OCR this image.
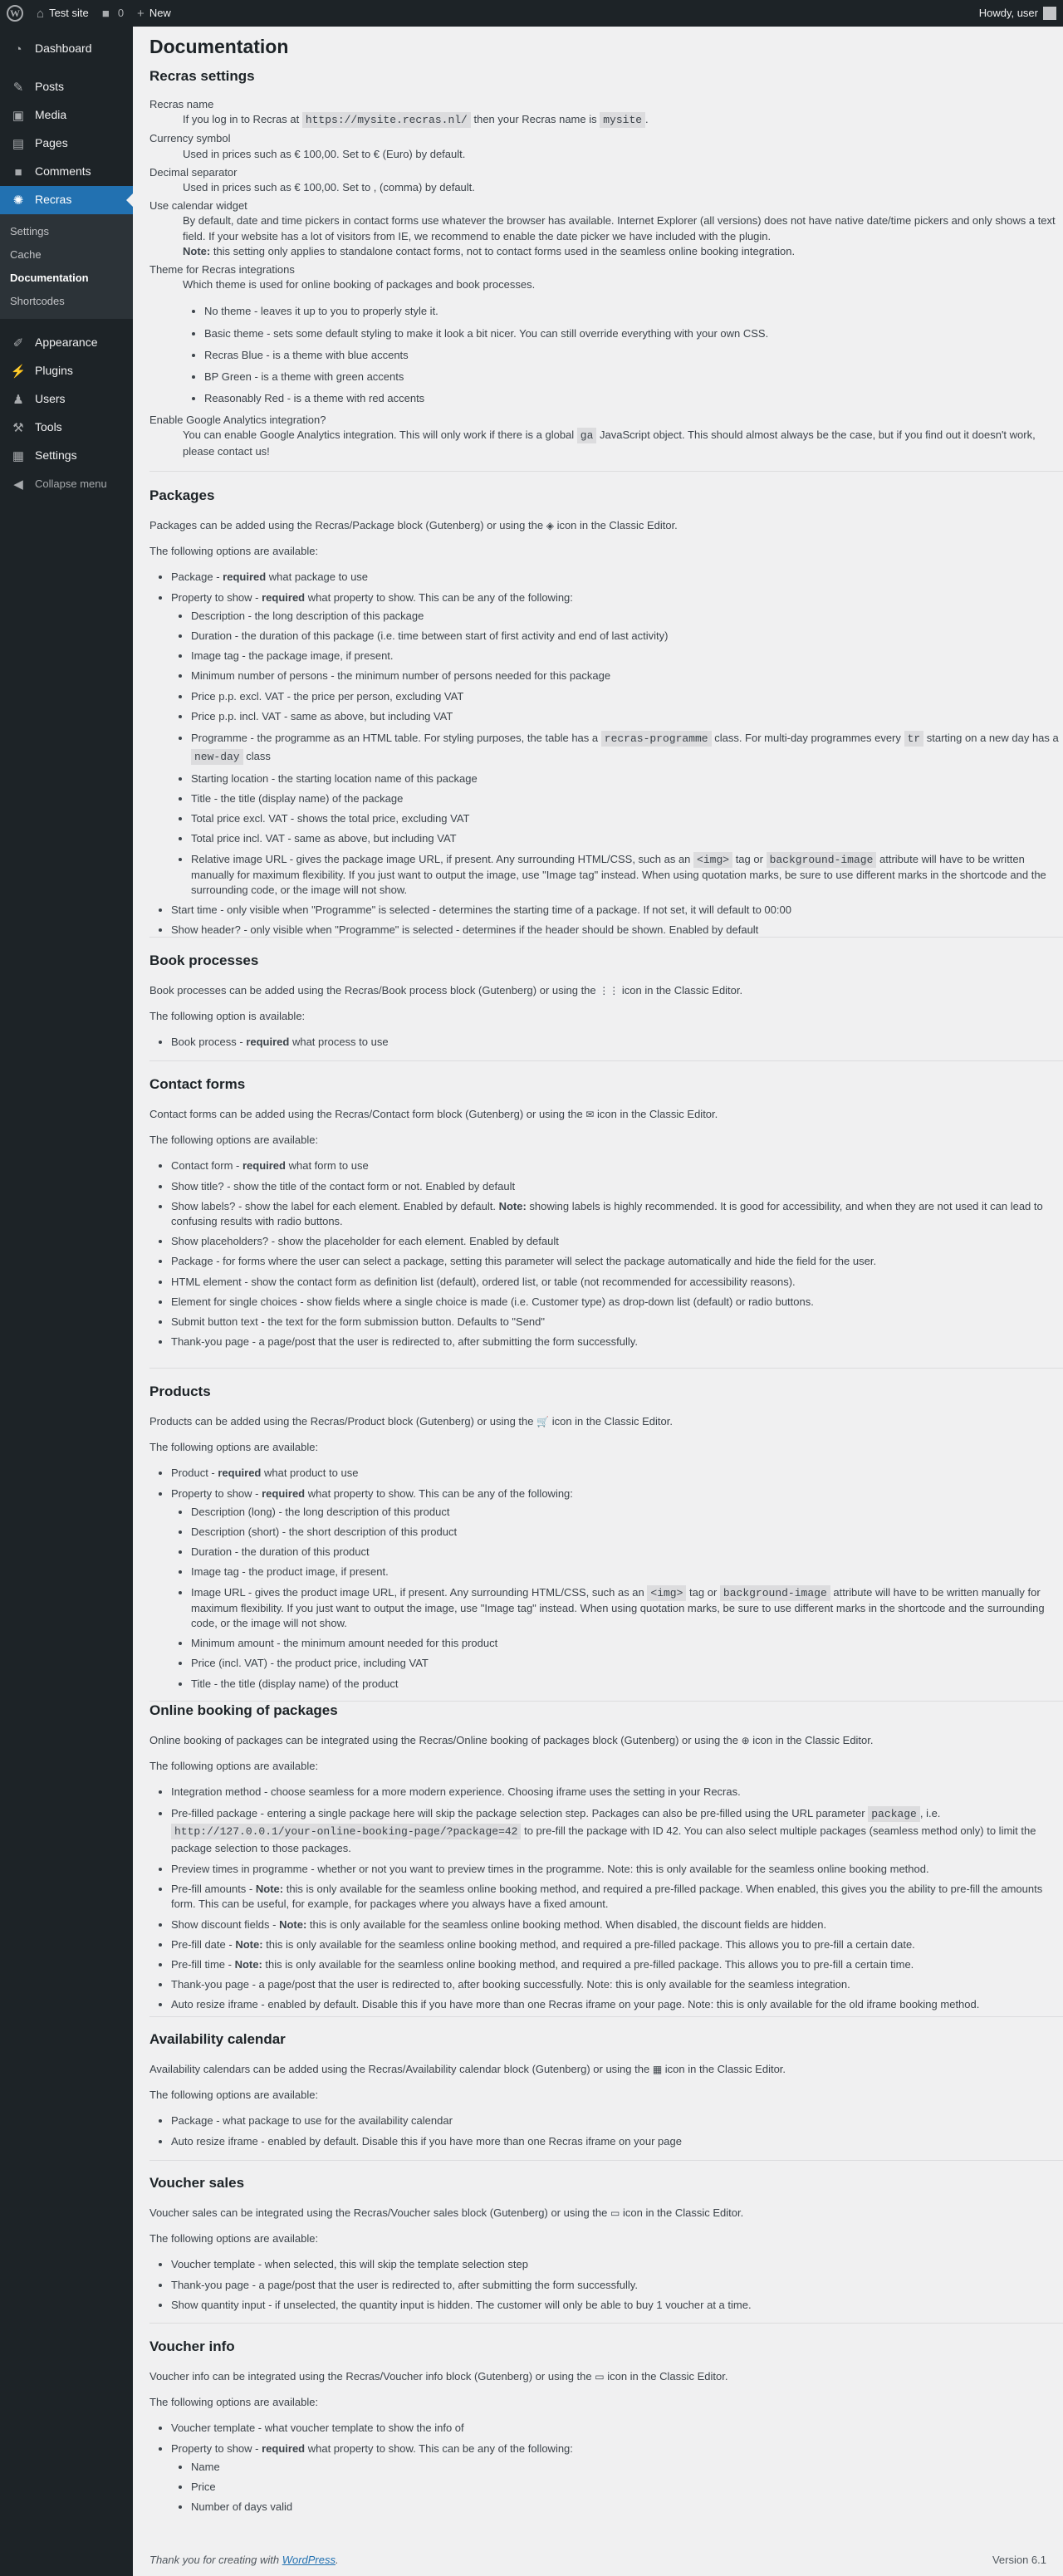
W ⌂ Test site ■ 0 + New	Howdy, user
◔	Dashboard
✎ Posts
▣ Media
▤ Pages
■	Comments
✺ Recras
Settings
Cache
Documentation
Shortcodes
✐ Appearance
⚡ Plugins
♟ Users
⚒ Tools
▦ Settings
◀	Collapse menu
Documentation
Recras settings
Recras name
If you log in to Recras at https://mysite.recras.nl/ then your Recras name is mysite .
Currency symbol
Used in prices such as € 100,00. Set to € (Euro) by default.
Decimal separator
Used in prices such as € 100,00. Set to , (comma) by default.
Use calendar widget
By default, date and time pickers in contact forms use whatever the browser has available. Internet Explorer (all versions) does not have native date/time pickers and only shows a text field. If your website has a lot of visitors from IE, we recommend to enable the date picker we have included with the plugin.
Note: this setting only applies to standalone contact forms, not to contact forms used in the seamless online booking integration.
Theme for Recras integrations
Which theme is used for online booking of packages and book processes.
• No theme - leaves it up to you to properly style it.
• Basic theme - sets some default styling to make it look a bit nicer. You can still override everything with your own CSS.
• Recras Blue - is a theme with blue accents
• BP Green - is a theme with green accents
• Reasonably Red - is a theme with red accents
Enable Google Analytics integration?
You can enable Google Analytics integration. This will only work if there is a global ga JavaScript object. This should almost always be the case, but if you find out it doesn't work, please contact us!
Packages

Packages can be added using the Recras/Package block (Gutenberg) or using the ◈ icon in the Classic Editor.

The following options are available:

• Package - required what package to use
• Property to show - required what property to show. This can be any of the following:
• Description - the long description of this package
• Duration - the duration of this package (i.e. time between start of first activity and end of last activity)
• Image tag - the package image, if present.
• Minimum number of persons - the minimum number of persons needed for this package
• Price p.p. excl. VAT - the price per person, excluding VAT
• Price p.p. incl. VAT - same as above, but including VAT
• Programme - the programme as an HTML table. For styling purposes, the table has a recras-programme class. For multi-day programmes every tr starting on a new day has a new-day class
• Starting location - the starting location name of this package
• Title - the title (display name) of the package
• Total price excl. VAT - shows the total price, excluding VAT
• Total price incl. VAT - same as above, but including VAT
• Relative image URL - gives the package image URL, if present. Any surrounding HTML/CSS, such as an <img> tag or background-image attribute will have to be written manually for maximum flexibility. If you just want to output the image, use "Image tag" instead. When using quotation marks, be sure to use different marks in the shortcode and the surrounding code, or the image will not show.
• Start time - only visible when "Programme" is selected - determines the starting time of a package. If not set, it will default to 00:00
• Show header? - only visible when "Programme" is selected - determines if the header should be shown. Enabled by default
Book processes

Book processes can be added using the Recras/Book process block (Gutenberg) or using the ⋮⋮ icon in the Classic Editor.

The following option is available:

• Book process - required what process to use
Contact forms

Contact forms can be added using the Recras/Contact form block (Gutenberg) or using the ✉ icon in the Classic Editor.

The following options are available:

• Contact form - required what form to use
• Show title? - show the title of the contact form or not. Enabled by default
• Show labels? - show the label for each element. Enabled by default. Note: showing labels is highly recommended. It is good for accessibility, and when they are not used it can lead to confusing results with radio buttons.
• Show placeholders? - show the placeholder for each element. Enabled by default
• Package - for forms where the user can select a package, setting this parameter will select the package automatically and hide the field for the user.
• HTML element - show the contact form as definition list (default), ordered list, or table (not recommended for accessibility reasons).
• Element for single choices - show fields where a single choice is made (i.e. Customer type) as drop-down list (default) or radio buttons.
• Submit button text - the text for the form submission button. Defaults to "Send"
• Thank-you page - a page/post that the user is redirected to, after submitting the form successfully.
Products

Products can be added using the Recras/Product block (Gutenberg) or using the 🛒 icon in the Classic Editor.

The following options are available:

• Product - required what product to use
• Property to show - required what property to show. This can be any of the following:
• Description (long) - the long description of this product
• Description (short) - the short description of this product
• Duration - the duration of this product
• Image tag - the product image, if present.
• Image URL - gives the product image URL, if present. Any surrounding HTML/CSS, such as an <img> tag or background-image attribute will have to be written manually for maximum flexibility. If you just want to output the image, use "Image tag" instead. When using quotation marks, be sure to use different marks in the shortcode and the surrounding code, or the image will not show.
• Minimum amount - the minimum amount needed for this product
• Price (incl. VAT) - the product price, including VAT
• Title - the title (display name) of the product
Online booking of packages

Online booking of packages can be integrated using the Recras/Online booking of packages block (Gutenberg) or using the ⊕ icon in the Classic Editor.

The following options are available:

• Integration method - choose seamless for a more modern experience. Choosing iframe uses the setting in your Recras.
• Pre-filled package - entering a single package here will skip the package selection step. Packages can also be pre-filled using the URL parameter package , i.e. http://127.0.0.1/your-online-booking-page/?package=42 to pre-fill the package with ID 42. You can also select multiple packages (seamless method only) to limit the package selection to those packages.
• Preview times in programme - whether or not you want to preview times in the programme. Note: this is only available for the seamless online booking method.
• Pre-fill amounts - Note: this is only available for the seamless online booking method, and required a pre-filled package. When enabled, this gives you the ability to pre-fill the amounts form. This can be useful, for example, for packages where you always have a fixed amount.
• Show discount fields - Note: this is only available for the seamless online booking method. When disabled, the discount fields are hidden.
• Pre-fill date - Note: this is only available for the seamless online booking method, and required a pre-filled package. This allows you to pre-fill a certain date.
• Pre-fill time - Note: this is only available for the seamless online booking method, and required a pre-filled package. This allows you to pre-fill a certain time.
• Thank-you page - a page/post that the user is redirected to, after booking successfully. Note: this is only available for the seamless integration.
• Auto resize iframe - enabled by default. Disable this if you have more than one Recras iframe on your page. Note: this is only available for the old iframe booking method.
Availability calendar

Availability calendars can be added using the Recras/Availability calendar block (Gutenberg) or using the ▦ icon in the Classic Editor.

The following options are available:

• Package - what package to use for the availability calendar
• Auto resize iframe - enabled by default. Disable this if you have more than one Recras iframe on your page
Voucher sales

Voucher sales can be integrated using the Recras/Voucher sales block (Gutenberg) or using the ▭ icon in the Classic Editor.

The following options are available:

• Voucher template - when selected, this will skip the template selection step
• Thank-you page - a page/post that the user is redirected to, after submitting the form successfully.
• Show quantity input - if unselected, the quantity input is hidden. The customer will only be able to buy 1 voucher at a time.
Voucher info

Voucher info can be integrated using the Recras/Voucher info block (Gutenberg) or using the ▭ icon in the Classic Editor.

The following options are available:

• Voucher template - what voucher template to show the info of
• Property to show - required what property to show. This can be any of the following:
• Name
• Price
• Number of days valid
Thank you for creating with WordPress.	Version 6.1
